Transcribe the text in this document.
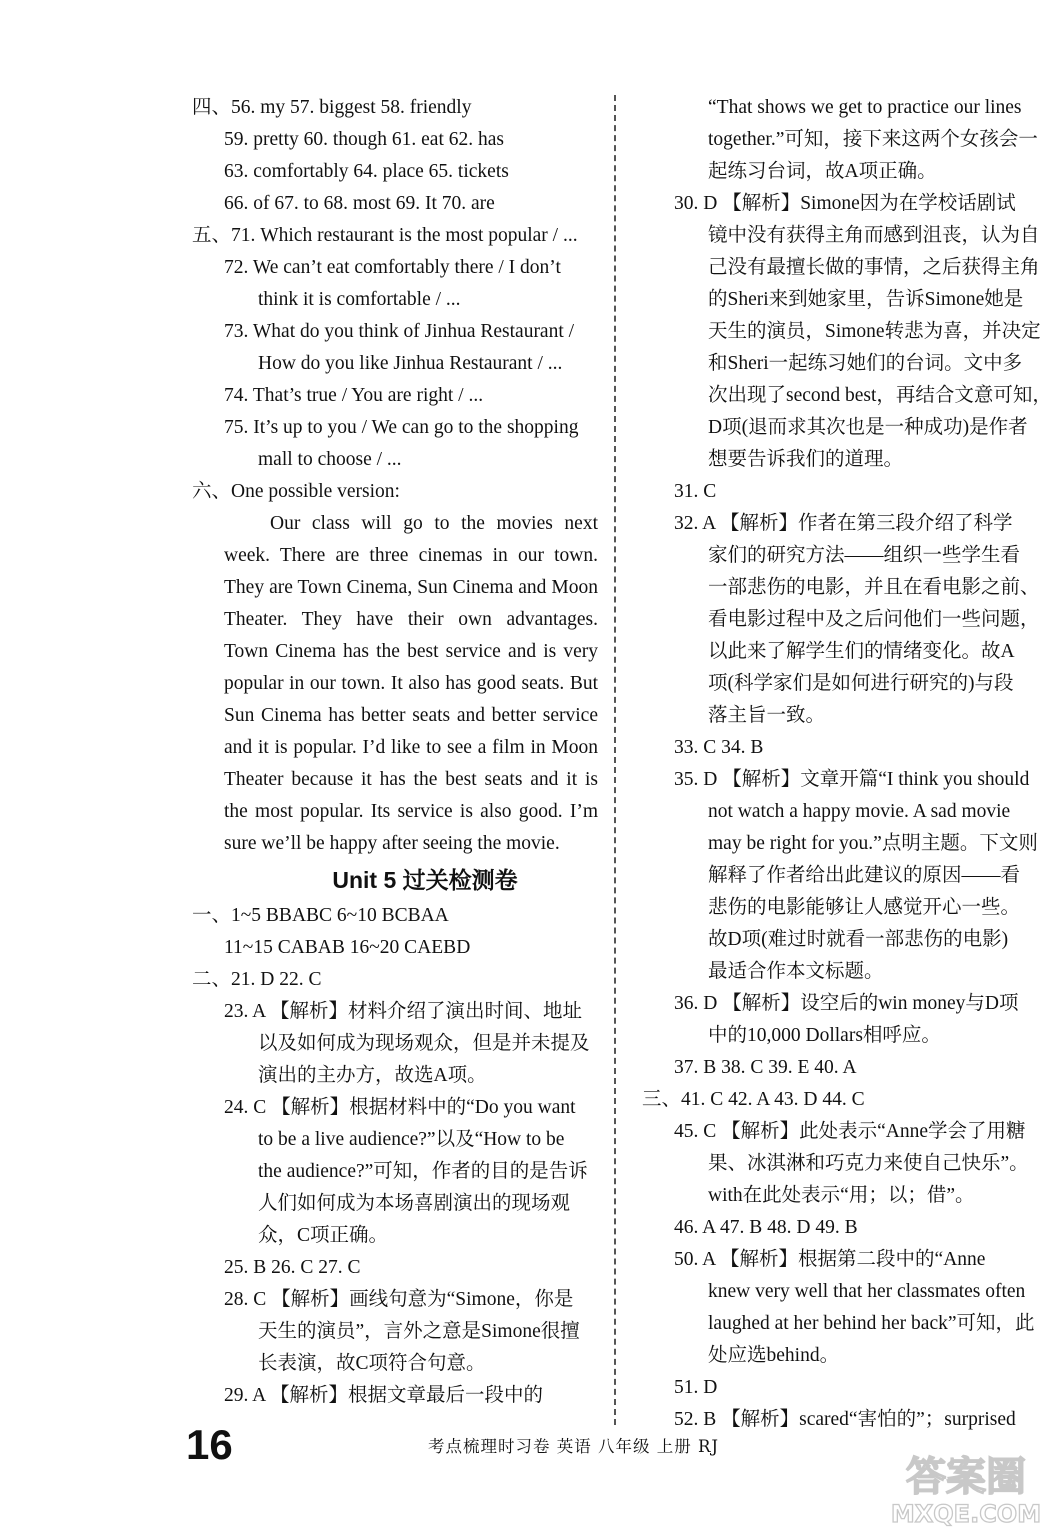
四、56. my 57. biggest 58. friendly
59. pretty 60. though 61. eat 62. has
63. comfortably 64. place 65. tickets
66. of 67. to 68. most 69. It 70. are
五、71. Which restaurant is the most popular / ...
72. We can’t eat comfortably there / I don’t
think it is comfortable / ...
73. What do you think of Jinhua Restaurant /
How do you like Jinhua Restaurant / ...
74. That’s true / You are right / ...
75. It’s up to you / We can go to the shopping
mall to choose / ...
六、One possible version:
Our class will go to the movies next
week. There are three cinemas in our town.
They are Town Cinema, Sun Cinema and Moon
Theater. They have their own advantages.
Town Cinema has the best service and is very
popular in our town. It also has good seats. But
Sun Cinema has better seats and better service
and it is popular. I’d like to see a film in Moon
Theater because it has the best seats and it is
the most popular. Its service is also good. I’m
sure we’ll be happy after seeing the movie.
Unit 5 过关检测卷
一、1~5 BBABC 6~10 BCBAA
11~15 CABAB 16~20 CAEBD
二、21. D 22. C
23. A 【解析】材料介绍了演出时间、地址
以及如何成为现场观众，但是并未提及
演出的主办方，故选A项。
24. C 【解析】根据材料中的“Do you want
to be a live audience?”以及“How to be
the audience?”可知，作者的目的是告诉
人们如何成为本场喜剧演出的现场观
众，C项正确。
25. B 26. C 27. C
28. C 【解析】画线句意为“Simone，你是
天生的演员”，言外之意是Simone很擅
长表演，故C项符合句意。
29. A 【解析】根据文章最后一段中的
“That shows we get to practice our lines
together.”可知，接下来这两个女孩会一
起练习台词，故A项正确。
30. D 【解析】Simone因为在学校话剧试
镜中没有获得主角而感到沮丧，认为自
己没有最擅长做的事情，之后获得主角
的Sheri来到她家里，告诉Simone她是
天生的演员，Simone转悲为喜，并决定
和Sheri一起练习她们的台词。文中多
次出现了second best，再结合文意可知，
D项(退而求其次也是一种成功)是作者
想要告诉我们的道理。
31. C
32. A 【解析】作者在第三段介绍了科学
家们的研究方法——组织一些学生看
一部悲伤的电影，并且在看电影之前、
看电影过程中及之后问他们一些问题，
以此来了解学生们的情绪变化。故A
项(科学家们是如何进行研究的)与段
落主旨一致。
33. C 34. B
35. D 【解析】文章开篇“I think you should
not watch a happy movie. A sad movie
may be right for you.”点明主题。下文则
解释了作者给出此建议的原因——看
悲伤的电影能够让人感觉开心一些。
故D项(难过时就看一部悲伤的电影)
最适合作本文标题。
36. D 【解析】设空后的win money与D项
中的10,000 Dollars相呼应。
37. B 38. C 39. E 40. A
三、41. C 42. A 43. D 44. C
45. C 【解析】此处表示“Anne学会了用糖
果、冰淇淋和巧克力来使自己快乐”。
with在此处表示“用；以；借”。
46. A 47. B 48. D 49. B
50. A 【解析】根据第二段中的“Anne
knew very well that her classmates often
laughed at her behind her back”可知，此
处应选behind。
51. D
52. B 【解析】scared“害怕的”；surprised
16	考点梳理时习卷 英语 八年级 上册 RJ
答案圈
MXQE.COM
